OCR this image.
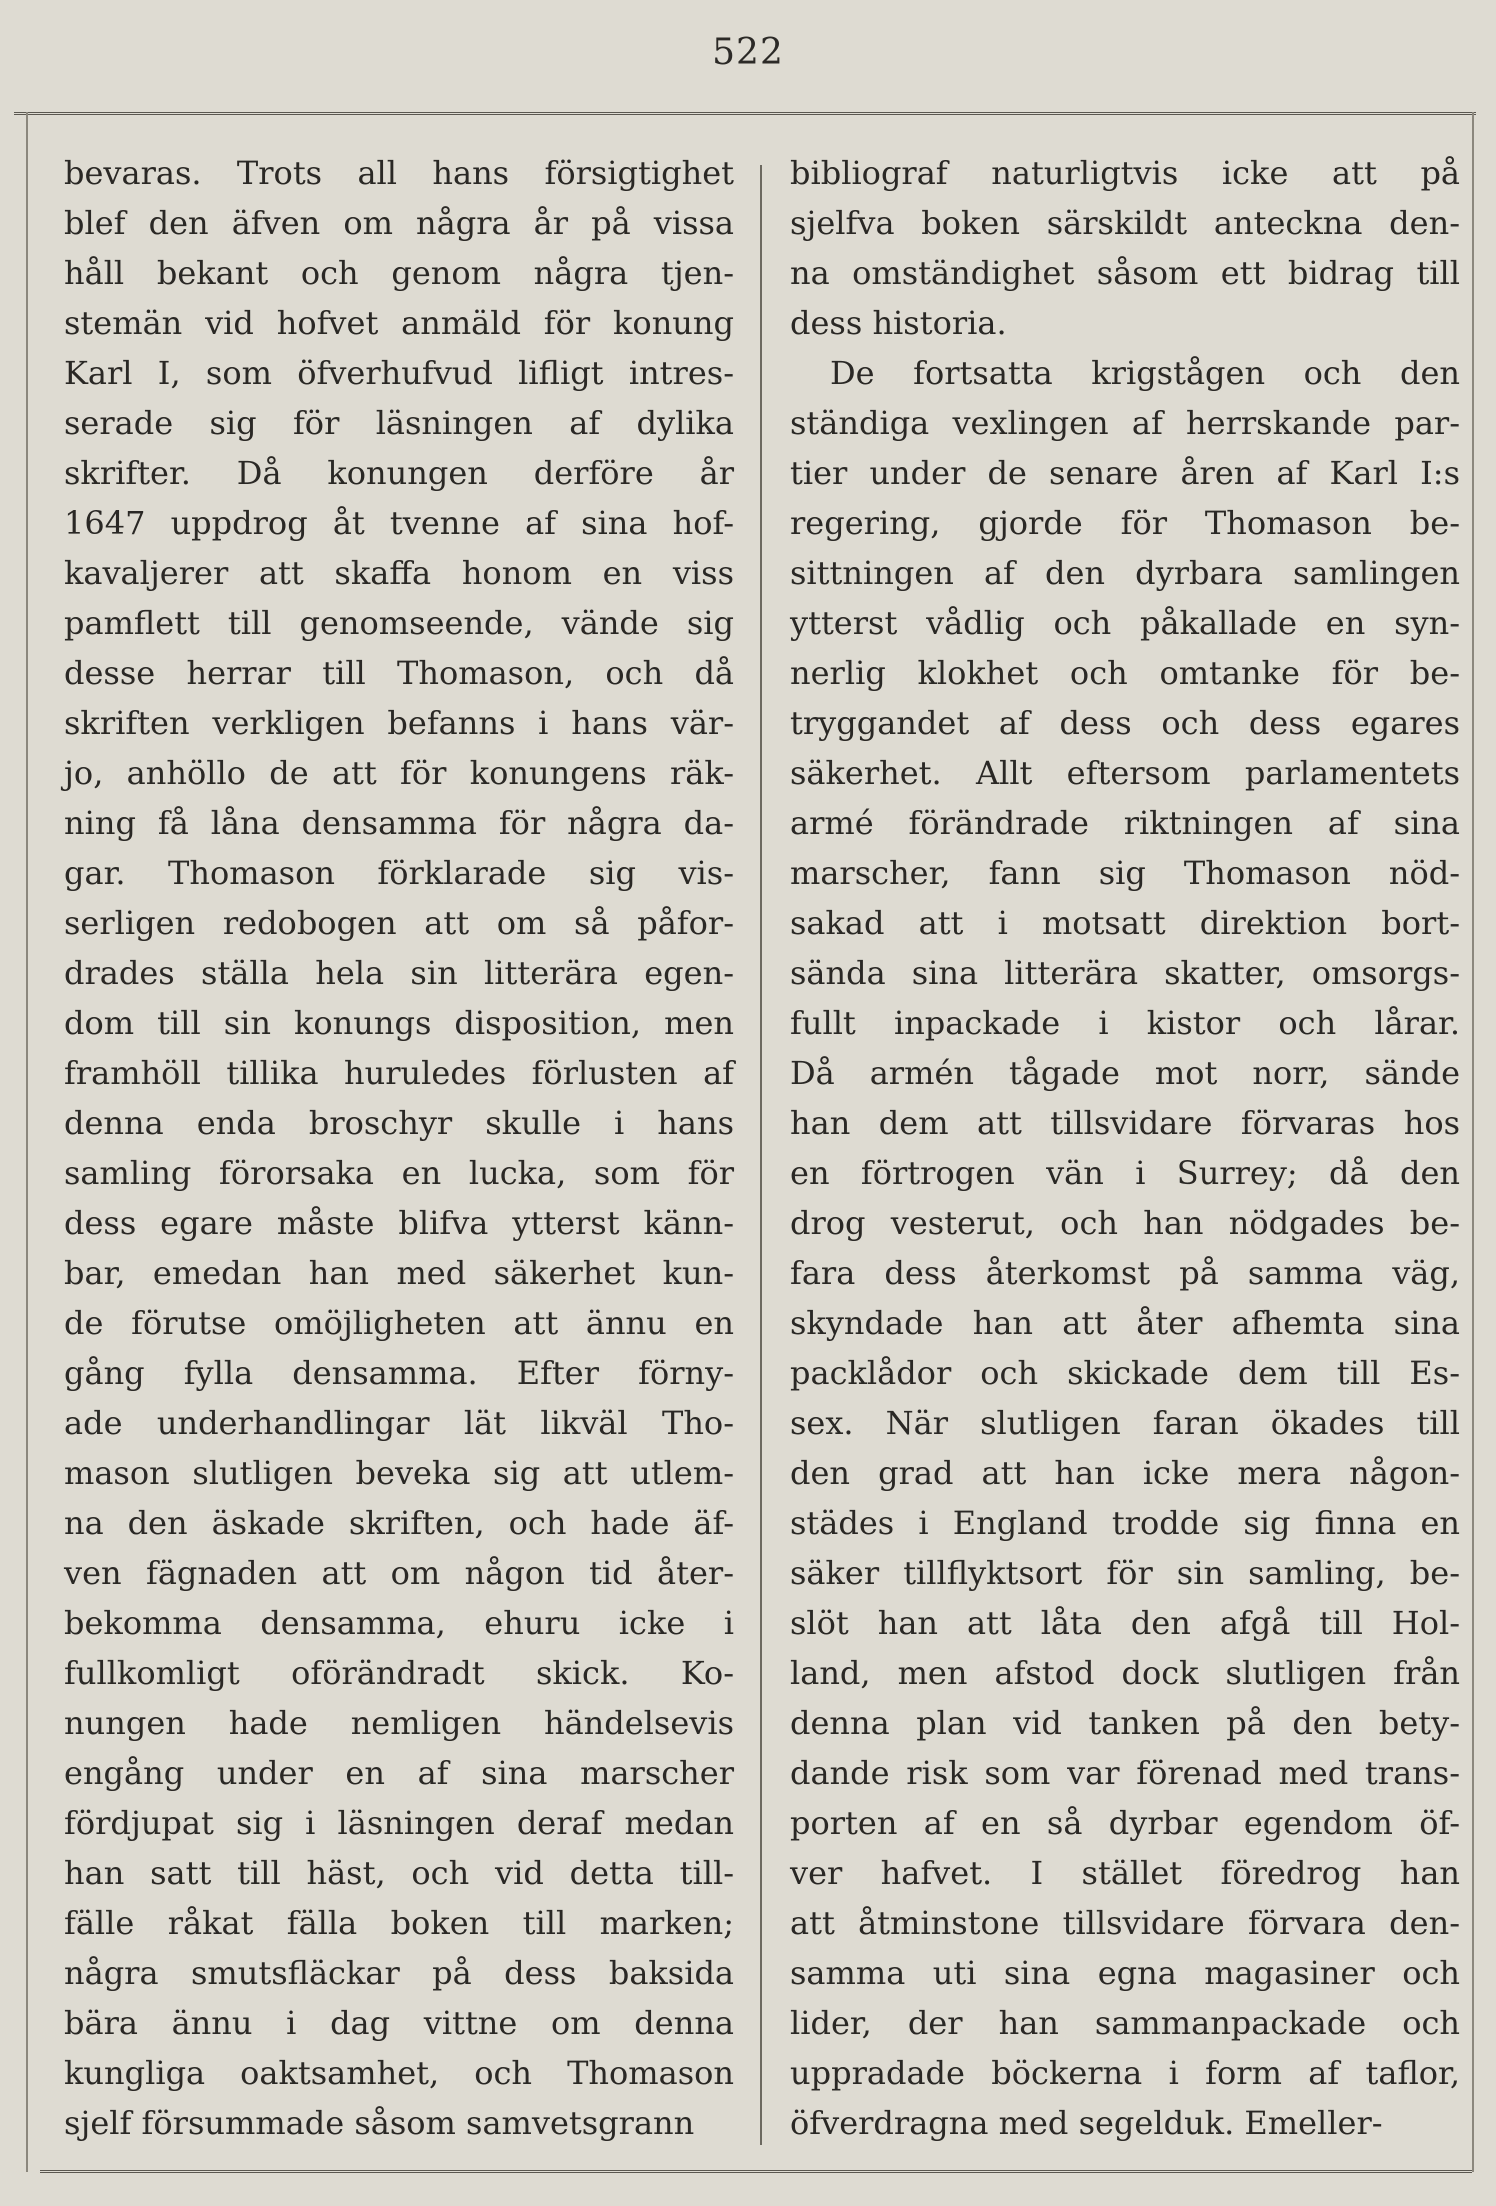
522
bevaras. Trots all hans försigtighet
blef den äfven om några år på vissa
håll bekant och genom några tjen-
stemän vid hofvet anmäld för konung
Karl I, som öfverhufvud lifligt intres-
serade sig för läsningen af dylika
skrifter. Då konungen derföre år
1647 uppdrog åt tvenne af sina hof-
kavaljerer att skaffa honom en viss
pamflett till genomseende, vände sig
desse herrar till Thomason, och då
skriften verkligen befanns i hans vär-
jo, anhöllo de att för konungens räk-
ning få låna densamma för några da-
gar. Thomason förklarade sig vis-
serligen redobogen att om så påfor-
drades ställa hela sin litterära egen-
dom till sin konungs disposition, men
framhöll tillika huruledes förlusten af
denna enda broschyr skulle i hans
samling förorsaka en lucka, som för
dess egare måste blifva ytterst känn-
bar, emedan han med säkerhet kun-
de förutse omöjligheten att ännu en
gång fylla densamma. Efter förny-
ade underhandlingar lät likväl Tho-
mason slutligen beveka sig att utlem-
na den äskade skriften, och hade äf-
ven fägnaden att om någon tid åter-
bekomma densamma, ehuru icke i
fullkomligt oförändradt skick. Ko-
nungen hade nemligen händelsevis
engång under en af sina marscher
fördjupat sig i läsningen deraf medan
han satt till häst, och vid detta till-
fälle råkat fälla boken till marken;
några smutsfläckar på dess baksida
bära ännu i dag vittne om denna
kungliga oaktsamhet, och Thomason
sjelf försummade såsom samvetsgrann
bibliograf naturligtvis icke att på
sjelfva boken särskildt anteckna den-
na omständighet såsom ett bidrag till
dess historia.
De fortsatta krigstågen och den
ständiga vexlingen af herrskande par-
tier under de senare åren af Karl I:s
regering, gjorde för Thomason be-
sittningen af den dyrbara samlingen
ytterst vådlig och påkallade en syn-
nerlig klokhet och omtanke för be-
tryggandet af dess och dess egares
säkerhet. Allt eftersom parlamentets
armé förändrade riktningen af sina
marscher, fann sig Thomason nöd-
sakad att i motsatt direktion bort-
sända sina litterära skatter, omsorgs-
fullt inpackade i kistor och lårar.
Då armén tågade mot norr, sände
han dem att tillsvidare förvaras hos
en förtrogen vän i Surrey; då den
drog vesterut, och han nödgades be-
fara dess återkomst på samma väg,
skyndade han att åter afhemta sina
packlådor och skickade dem till Es-
sex. När slutligen faran ökades till
den grad att han icke mera någon-
städes i England trodde sig finna en
säker tillflyktsort för sin samling, be-
slöt han att låta den afgå till Hol-
land, men afstod dock slutligen från
denna plan vid tanken på den bety-
dande risk som var förenad med trans-
porten af en så dyrbar egendom öf-
ver hafvet. I stället föredrog han
att åtminstone tillsvidare förvara den-
samma uti sina egna magasiner och
lider, der han sammanpackade och
uppradade böckerna i form af taflor,
öfverdragna med segelduk. Emeller-
